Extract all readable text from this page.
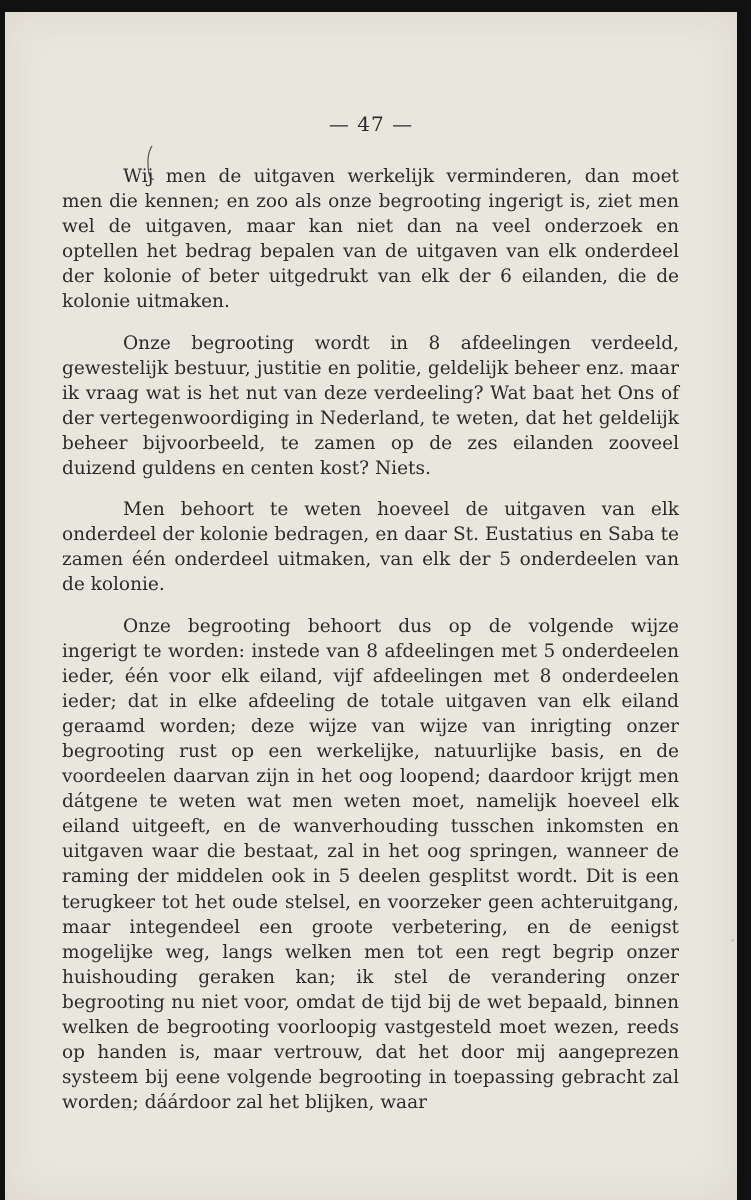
— 47 —

Wij men de uitgaven werkelijk verminderen, dan moet men die kennen; en zoo als onze begrooting ingerigt is, ziet men wel de uitgaven, maar kan niet dan na veel onderzoek en optellen het bedrag bepalen van de uitgaven van elk onderdeel der kolonie of beter uitgedrukt van elk der 6 eilanden, die de kolonie uitmaken.

Onze begrooting wordt in 8 afdeelingen verdeeld, gewestelijk bestuur, justitie en politie, geldelijk beheer enz. maar ik vraag wat is het nut van deze verdeeling? Wat baat het Ons of der vertegenwoordiging in Nederland, te weten, dat het geldelijk beheer bijvoorbeeld, te zamen op de zes eilanden zooveel duizend guldens en centen kost? Niets.

Men behoort te weten hoeveel de uitgaven van elk onderdeel der kolonie bedragen, en daar St. Eustatius en Saba te zamen één onderdeel uitmaken, van elk der 5 onderdeelen van de kolonie.

Onze begrooting behoort dus op de volgende wijze ingerigt te worden: instede van 8 afdeelingen met 5 onderdeelen ieder, één voor elk eiland, vijf afdeelingen met 8 onderdeelen ieder; dat in elke afdeeling de totale uitgaven van elk eiland geraamd worden; deze wijze van wijze van inrigting onzer begrooting rust op een werkelijke, natuurlijke basis, en de voordeelen daarvan zijn in het oog loopend; daardoor krijgt men dátgene te weten wat men weten moet, namelijk hoeveel elk eiland uitgeeft, en de wanverhouding tusschen inkomsten en uitgaven waar die bestaat, zal in het oog springen, wanneer de raming der middelen ook in 5 deelen gesplitst wordt. Dit is een terugkeer tot het oude stelsel, en voorzeker geen achteruitgang, maar integendeel een groote verbetering, en de eenigst mogelijke weg, langs welken men tot een regt begrip onzer huishouding geraken kan; ik stel de verandering onzer begrooting nu niet voor, omdat de tijd bij de wet bepaald, binnen welken de begrooting voorloopig vastgesteld moet wezen, reeds op handen is, maar vertrouw, dat het door mij aangeprezen systeem bij eene volgende begrooting in toepassing gebracht zal worden; dáárdoor zal het blijken, waar

ˊ
